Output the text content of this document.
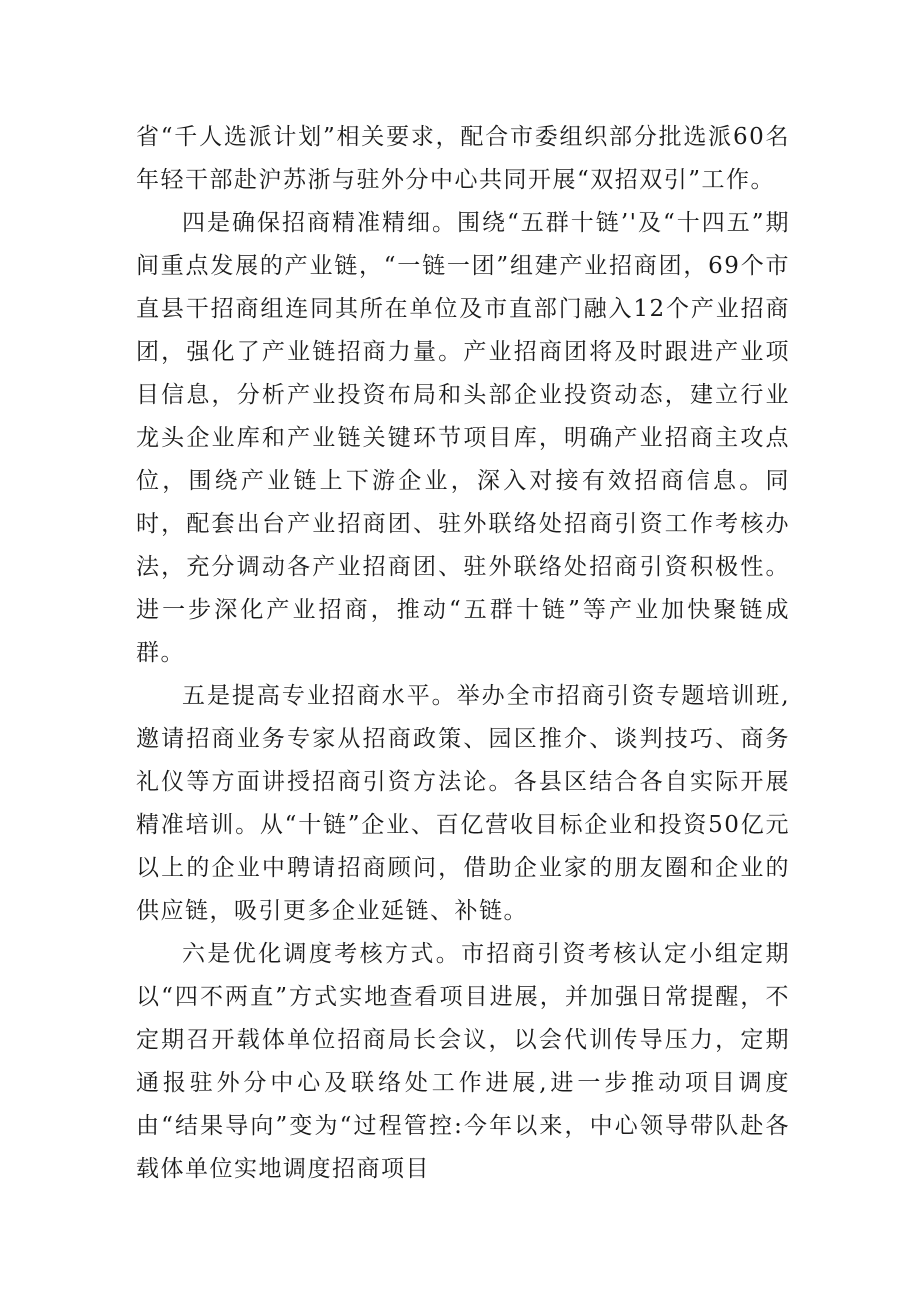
省“千人选派计划”相关要求，配合市委组织部分批选派60名年轻干部赴沪苏浙与驻外分中心共同开展“双招双引”工作。

四是确保招商精准精细。围绕“五群十链’'及“十四五”期间重点发展的产业链，“一链一团”组建产业招商团，69个市直县干招商组连同其所在单位及市直部门融入12个产业招商团，强化了产业链招商力量。产业招商团将及时跟进产业项目信息，分析产业投资布局和头部企业投资动态，建立行业龙头企业库和产业链关键环节项目库，明确产业招商主攻点位，围绕产业链上下游企业，深入对接有效招商信息。同时，配套出台产业招商团、驻外联络处招商引资工作考核办法，充分调动各产业招商团、驻外联络处招商引资积极性。进一步深化产业招商，推动“五群十链”等产业加快聚链成群。

五是提高专业招商水平。举办全市招商引资专题培训班,邀请招商业务专家从招商政策、园区推介、谈判技巧、商务礼仪等方面讲授招商引资方法论。各县区结合各自实际开展精准培训。从“十链”企业、百亿营收目标企业和投资50亿元以上的企业中聘请招商顾问，借助企业家的朋友圈和企业的供应链，吸引更多企业延链、补链。

六是优化调度考核方式。市招商引资考核认定小组定期以“四不两直”方式实地查看项目进展，并加强日常提醒，不定期召开载体单位招商局长会议，以会代训传导压力，定期通报驻外分中心及联络处工作进展,进一步推动项目调度由“结果导向”变为“过程管控:今年以来，中心领导带队赴各载体单位实地调度招商项目
